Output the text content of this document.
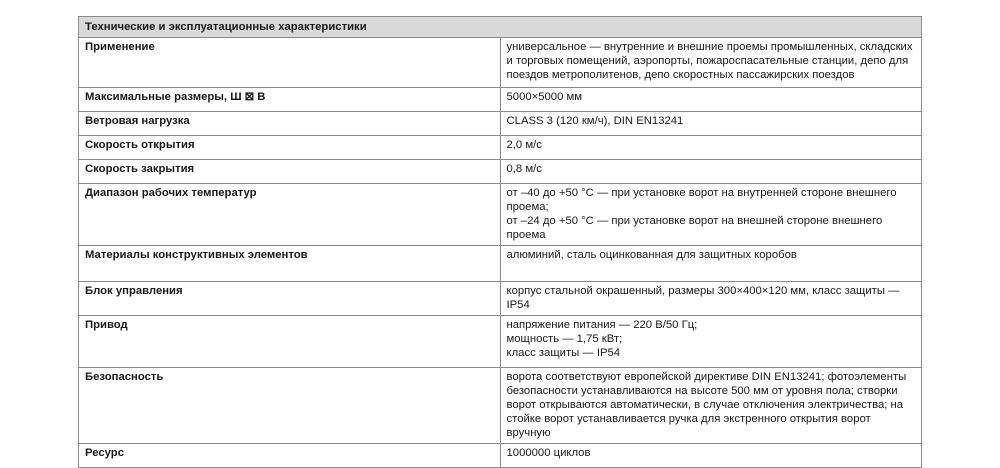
Технические и эксплуатационные характеристики	
Применение	универсальное — внутренние и внешние проемы промышленных, складских и торговых помещений, аэропорты, пожароспасательные станции, депо для поездов метрополитенов, депо скоростных пассажирских поездов
Максимальные размеры, Ш ⊠ В	5000×5000 мм
Ветровая нагрузка	CLASS 3 (120 км/ч), DIN EN13241
Скорость открытия	2,0 м/с
Скорость закрытия	0,8 м/с
Диапазон рабочих температур	от –40 до +50 °С — при установке ворот на внутренней стороне внешнего проема;
от –24 до +50 °С — при установке ворот на внешней стороне внешнего проема

Материалы конструктивных элементов	алюминий, сталь оцинкованная для защитных коробов
Блок управления	корпус стальной окрашенный, размеры 300×400×120 мм, класс защиты — IP54
Привод	напряжение питания — 220 В/50 Гц;
мощность — 1,75 кВт;
класс защиты — IP54

Безопасность	ворота соответствуют европейской директиве DIN EN13241; фотоэлементы безопасности устанавливаются на высоте 500 мм от уровня пола; створки ворот открываются автоматически, в случае отключения электричества; на стойке ворот устанавливается ручка для экстренного открытия ворот вручную
Ресурс	1000000 циклов
